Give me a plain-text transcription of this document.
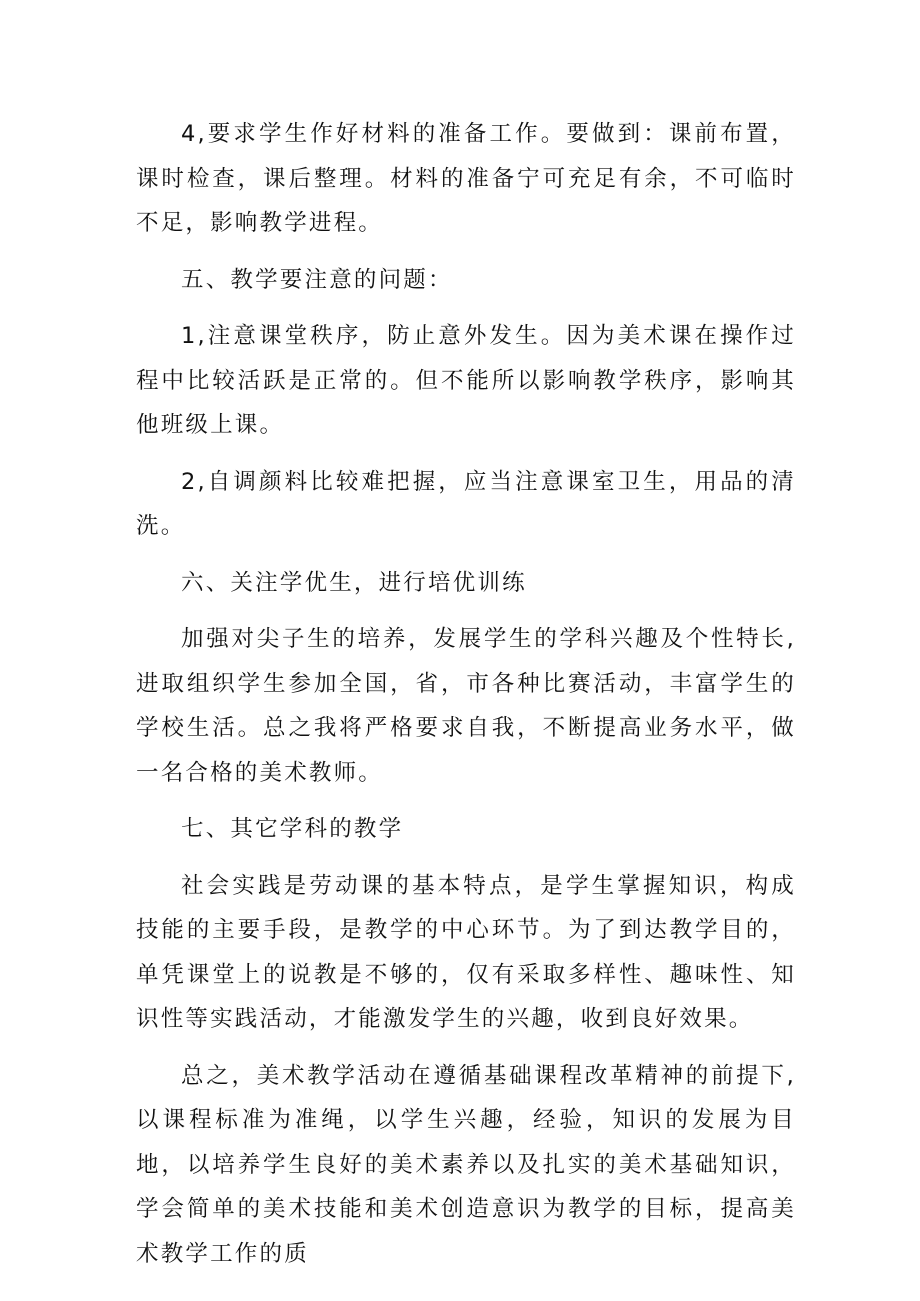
4,要求学生作好材料的准备工作。要做到：课前布置，课时检查，课后整理。材料的准备宁可充足有余，不可临时不足，影响教学进程。

五、教学要注意的问题：

1,注意课堂秩序，防止意外发生。因为美术课在操作过程中比较活跃是正常的。但不能所以影响教学秩序，影响其他班级上课。

2,自调颜料比较难把握，应当注意课室卫生，用品的清洗。

六、关注学优生，进行培优训练

加强对尖子生的培养，发展学生的学科兴趣及个性特长,进取组织学生参加全国，省，市各种比赛活动，丰富学生的学校生活。总之我将严格要求自我，不断提高业务水平，做一名合格的美术教师。

七、其它学科的教学

社会实践是劳动课的基本特点，是学生掌握知识，构成技能的主要手段，是教学的中心环节。为了到达教学目的，单凭课堂上的说教是不够的，仅有采取多样性、趣味性、知识性等实践活动，才能激发学生的兴趣，收到良好效果。

总之，美术教学活动在遵循基础课程改革精神的前提下,以课程标准为准绳，以学生兴趣，经验，知识的发展为目地，以培养学生良好的美术素养以及扎实的美术基础知识，学会简单的美术技能和美术创造意识为教学的目标，提高美术教学工作的质
